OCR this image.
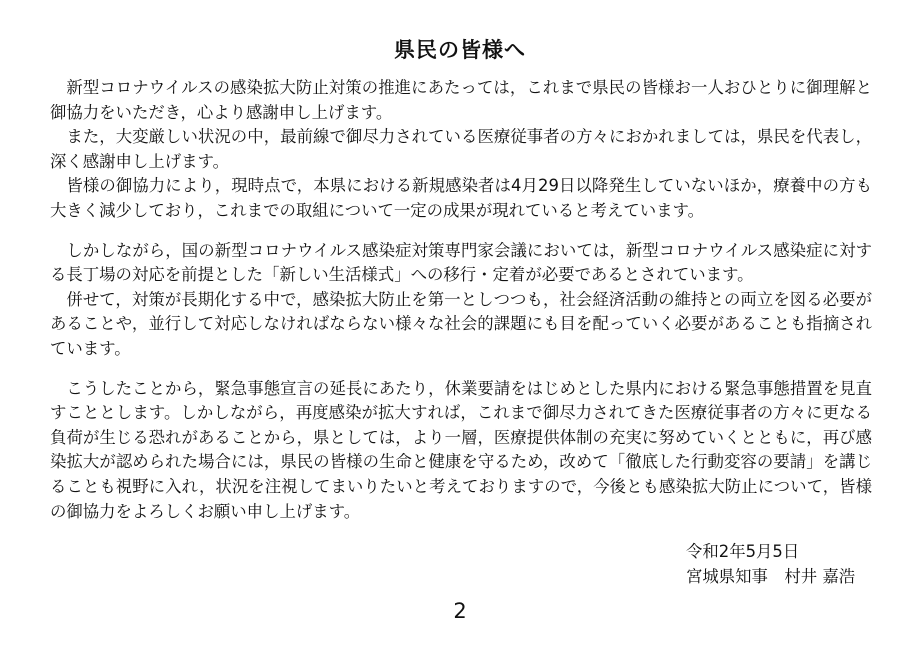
県民の皆様へ

新型コロナウイルスの感染拡大防止対策の推進にあたっては，これまで県民の皆様お一人おひとりに御理解と御協力をいただき，心より感謝申し上げます。

また，大変厳しい状況の中，最前線で御尽力されている医療従事者の方々におかれましては，県民を代表し，深く感謝申し上げます。

皆様の御協力により，現時点で，本県における新規感染者は4月29日以降発生していないほか，療養中の方も大きく減少しており，これまでの取組について一定の成果が現れていると考えています。

しかしながら，国の新型コロナウイルス感染症対策専門家会議においては，新型コロナウイルス感染症に対する長丁場の対応を前提とした「新しい生活様式」への移行・定着が必要であるとされています。

併せて，対策が長期化する中で，感染拡大防止を第一としつつも，社会経済活動の維持との両立を図る必要があることや，並行して対応しなければならない様々な社会的課題にも目を配っていく必要があることも指摘されています。

こうしたことから，緊急事態宣言の延長にあたり，休業要請をはじめとした県内における緊急事態措置を見直すこととします。しかしながら，再度感染が拡大すれば，これまで御尽力されてきた医療従事者の方々に更なる負荷が生じる恐れがあることから，県としては，より一層，医療提供体制の充実に努めていくとともに，再び感染拡大が認められた場合には，県民の皆様の生命と健康を守るため，改めて「徹底した行動変容の要請」を講じることも視野に入れ，状況を注視してまいりたいと考えておりますので，今後とも感染拡大防止について，皆様の御協力をよろしくお願い申し上げます。

令和2年5月5日
宮城県知事　村井 嘉浩
2
